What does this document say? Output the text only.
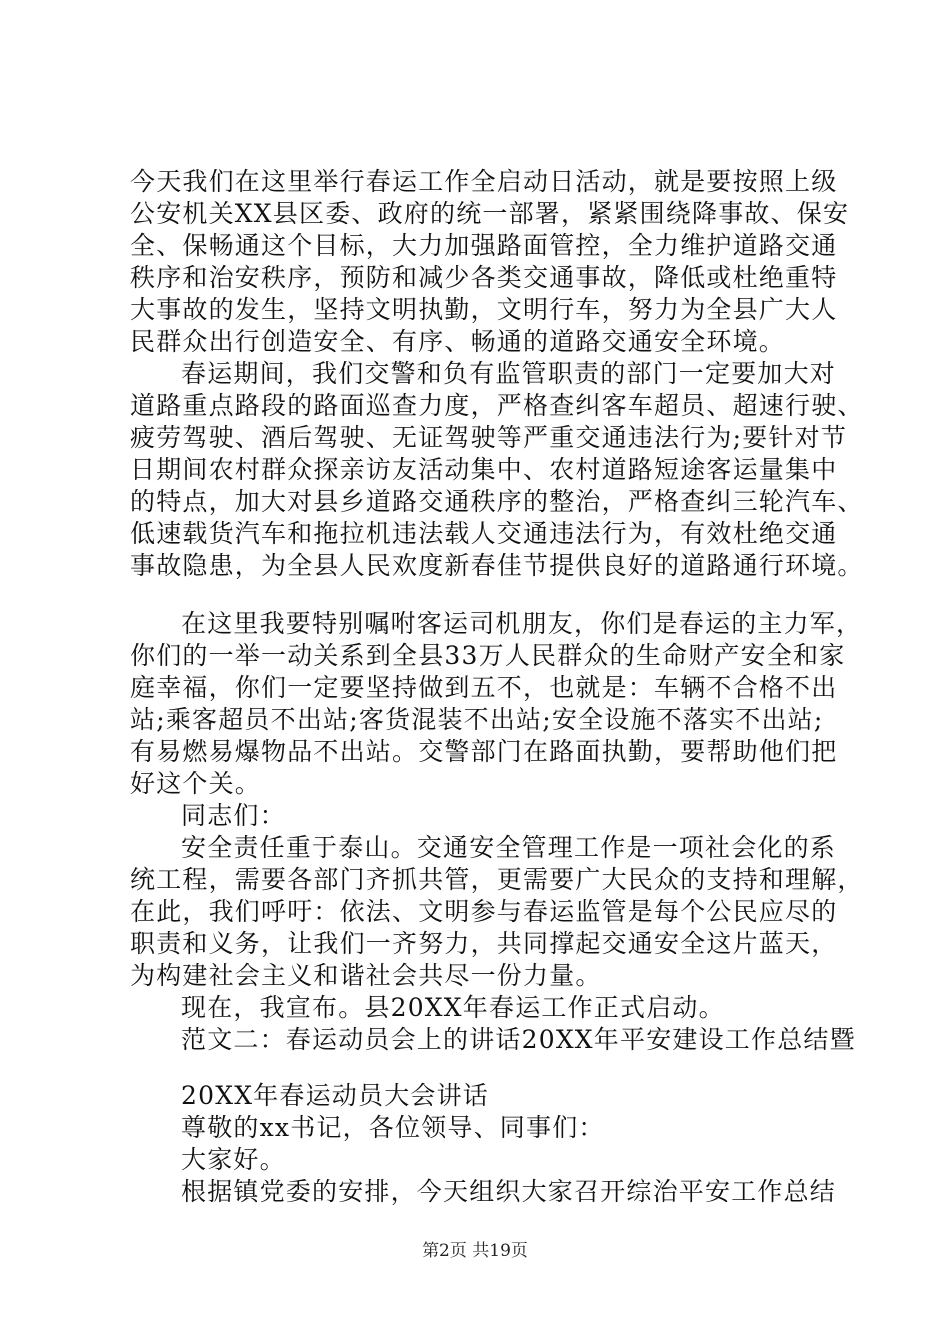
今天我们在这里举行春运工作全启动日活动，就是要按照上级
公安机关XX县区委、政府的统一部署，紧紧围绕降事故、保安
全、保畅通这个目标，大力加强路面管控，全力维护道路交通
秩序和治安秩序，预防和减少各类交通事故，降低或杜绝重特
大事故的发生，坚持文明执勤，文明行车，努力为全县广大人
民群众出行创造安全、有序、畅通的道路交通安全环境。
春运期间，我们交警和负有监管职责的部门一定要加大对
道路重点路段的路面巡查力度，严格查纠客车超员、超速行驶、
疲劳驾驶、酒后驾驶、无证驾驶等严重交通违法行为;要针对节
日期间农村群众探亲访友活动集中、农村道路短途客运量集中
的特点，加大对县乡道路交通秩序的整治，严格查纠三轮汽车、
低速载货汽车和拖拉机违法载人交通违法行为，有效杜绝交通
事故隐患，为全县人民欢度新春佳节提供良好的道路通行环境。
在这里我要特别嘱咐客运司机朋友，你们是春运的主力军，
你们的一举一动关系到全县33万人民群众的生命财产安全和家
庭幸福，你们一定要坚持做到五不，也就是：车辆不合格不出
站;乘客超员不出站;客货混装不出站;安全设施不落实不出站;
有易燃易爆物品不出站。交警部门在路面执勤，要帮助他们把
好这个关。
同志们：
安全责任重于泰山。交通安全管理工作是一项社会化的系
统工程，需要各部门齐抓共管，更需要广大民众的支持和理解，
在此，我们呼吁：依法、文明参与春运监管是每个公民应尽的
职责和义务，让我们一齐努力，共同撑起交通安全这片蓝天，
为构建社会主义和谐社会共尽一份力量。
现在，我宣布。县20XX年春运工作正式启动。
范文二：春运动员会上的讲话20XX年平安建设工作总结暨
20XX年春运动员大会讲话
尊敬的xx书记，各位领导、同事们：
大家好。
根据镇党委的安排，今天组织大家召开综治平安工作总结
第2页 共19页
